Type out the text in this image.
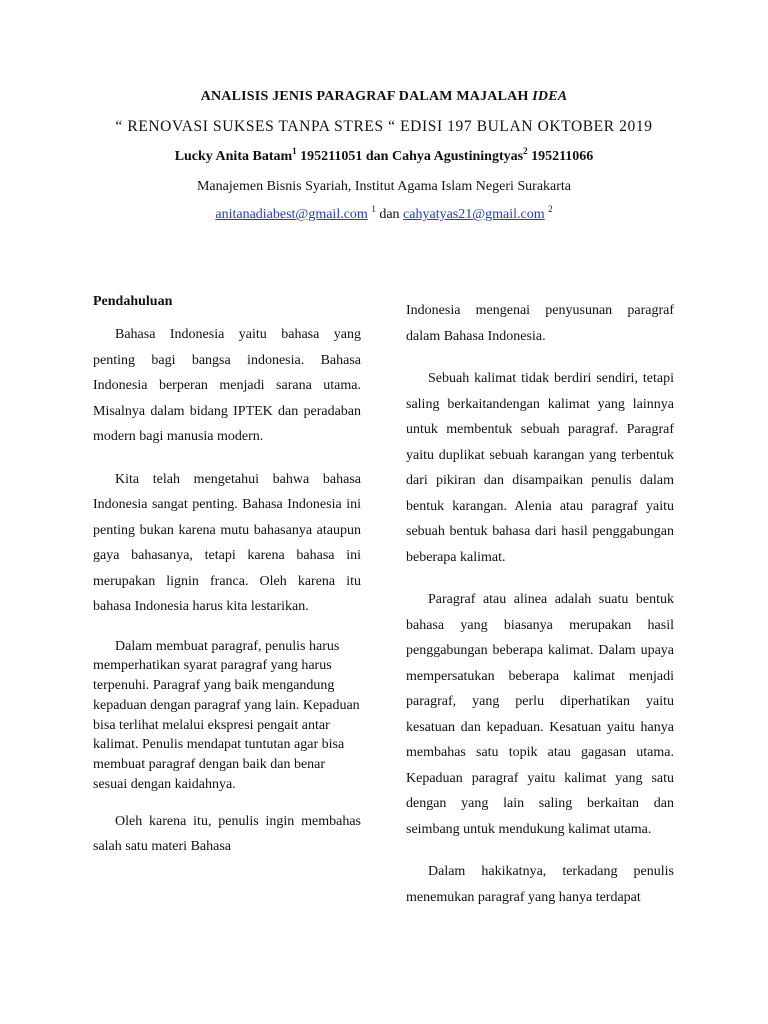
ANALISIS JENIS PARAGRAF DALAM MAJALAH IDEA
“ RENOVASI SUKSES TANPA STRES “ EDISI 197 BULAN OKTOBER 2019
Lucky Anita Batam$^1$ 195211051 dan Cahya Agustiningtyas$^2$ 195211066
Manajemen Bisnis Syariah, Institut Agama Islam Negeri Surakarta
anitanadiabest@gmail.com $^1$ dan cahyatyas21@gmail.com $^2$
Pendahuluan

Bahasa Indonesia yaitu bahasa yang penting bagi bangsa indonesia. Bahasa Indonesia berperan menjadi sarana utama. Misalnya dalam bidang IPTEK dan peradaban modern bagi manusia modern.

Kita telah mengetahui bahwa bahasa Indonesia sangat penting. Bahasa Indonesia ini penting bukan karena mutu bahasanya ataupun gaya bahasanya, tetapi karena bahasa ini merupakan lignin franca. Oleh karena itu bahasa Indonesia harus kita lestarikan.

Dalam membuat paragraf, penulis harus memperhatikan syarat paragraf yang harus terpenuhi. Paragraf yang baik mengandung kepaduan dengan paragraf yang lain. Kepaduan bisa terlihat melalui ekspresi pengait antar kalimat. Penulis mendapat tuntutan agar bisa membuat paragraf dengan baik dan benar sesuai dengan kaidahnya.

Oleh karena itu, penulis ingin membahas salah satu materi Bahasa

Indonesia mengenai penyusunan paragraf dalam Bahasa Indonesia.

Sebuah kalimat tidak berdiri sendiri, tetapi saling berkaitandengan kalimat yang lainnya untuk membentuk sebuah paragraf. Paragraf yaitu duplikat sebuah karangan yang terbentuk dari pikiran dan disampaikan penulis dalam bentuk karangan. Alenia atau paragraf yaitu sebuah bentuk bahasa dari hasil penggabungan beberapa kalimat.

Paragraf atau alinea adalah suatu bentuk bahasa yang biasanya merupakan hasil penggabungan beberapa kalimat. Dalam upaya mempersatukan beberapa kalimat menjadi paragraf, yang perlu diperhatikan yaitu kesatuan dan kepaduan. Kesatuan yaitu hanya membahas satu topik atau gagasan utama. Kepaduan paragraf yaitu kalimat yang satu dengan yang lain saling berkaitan dan seimbang untuk mendukung kalimat utama.

Dalam hakikatnya, terkadang penulis menemukan paragraf yang hanya terdapat
